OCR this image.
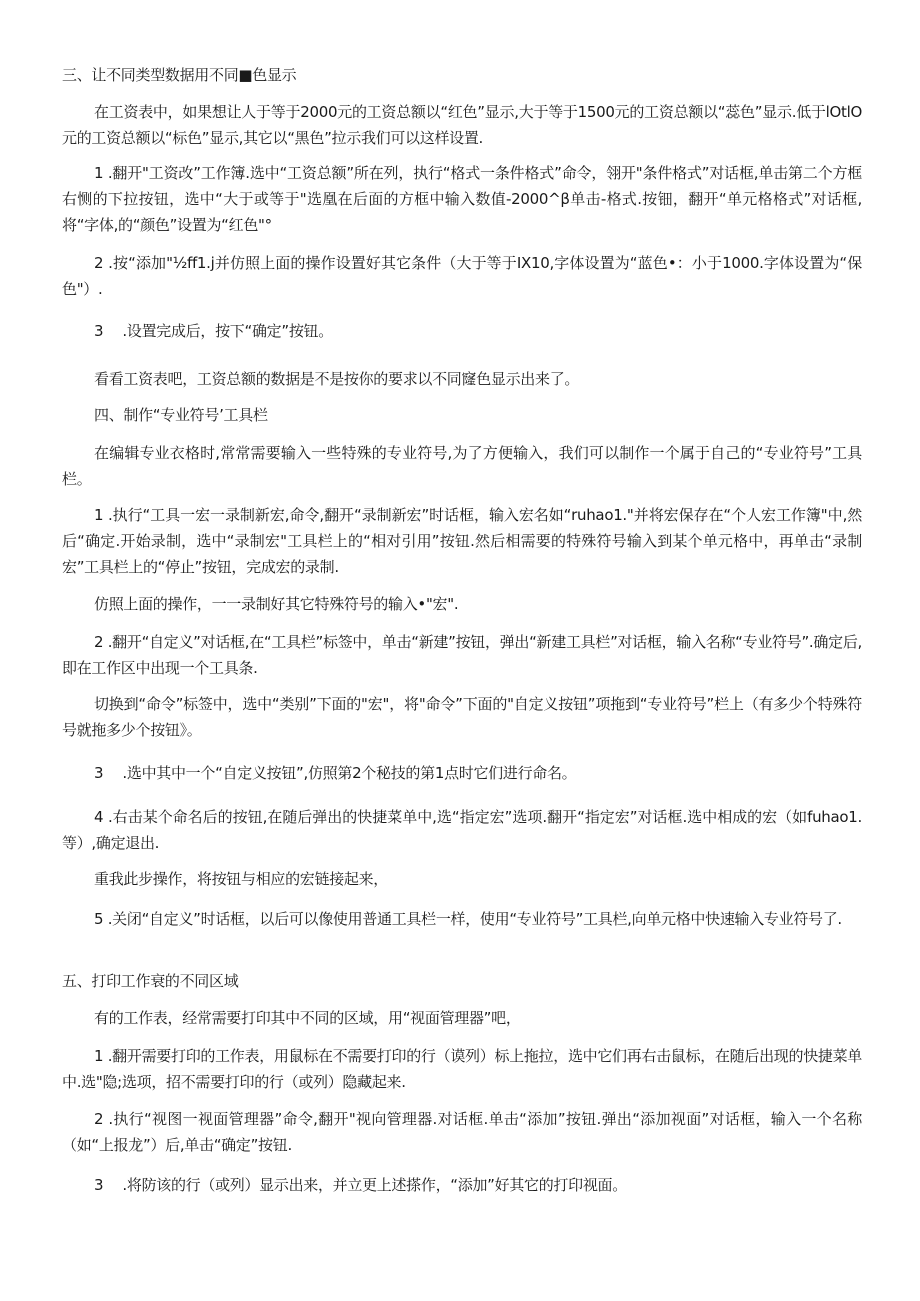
三、让不同类型数据用不同■色显示

在工资表中，如果想让人于等于2000元的工资总额以“红色”显示,大于等于1500元的工资总额以“蕊色”显示.低于lOtlO元的工资总额以“标色”显示,其它以“黑色”拉示我们可以这样设置.

1 .翻开"工资改”工作簿.选中“工资总额”所在列，执行“格式一条件格式”命令，翎开"条件格式”对话框,单击第二个方框右恻的下拉按钮，选中“大于或等于"选凰在后面的方框中输入数值-2000^β单击-格式.按钿，翻开“单元格格式”对话框,将“字体,的“颜色”设置为“红色"°

2 .按“添加"½ff1.j并仿照上面的操作设置好其它条件（大于等于IX10,字体设置为“蓝色•：小于1000.字体设置为“保色"）.

3 　.设置完成后，按下“确定”按钮。

看看工资表吧，工资总额的数据是不是按你的要求以不同窿色显示出来了。

四、制作“专业符号’工具栏

在编辑专业衣格时,常常需要输入一些特殊的专业符号,为了方便输入，我们可以制作一个属于自己的“专业符号”工具栏。

1 .执行“工具一宏一录制新宏,命令,翻开“录制新宏”时话框，输入宏名如“ruhao1."并将宏保存在“个人宏工作簿"中,然后“确定.开始录制，选中“录制宏"工具栏上的“相对引用”按钮.然后相需要的特殊符号输入到某个单元格中，再单击“录制宏”工具栏上的“停止”按钮，完成宏的录制.

仿照上面的操作，一一录制好其它特殊符号的输入•"宏".

2 .翻开“自定义”对话框,在“工具栏”标签中，单击“新建”按钮，弹出“新建工具栏”对话框，输入名称“专业符号”.确定后,即在工作区中出现一个工具条.

切换到“命令”标签中，选中“类别”下面的"宏"，将"命令”下面的"自定义按钮”项拖到“专业符号”栏上（有多少个特殊符号就拖多少个按钮》。

3 　.选中其中一个“自定义按钮”,仿照第2个秘技的第1点时它们进行命名。

4 .右击某个命名后的按钮,在随后弹出的快捷菜单中,选“指定宏”选项.翻开“指定宏”对话框.选中相成的宏（如fuhao1.等）,确定退出.

重我此步操作，将按钮与相应的宏链接起来，

5 .关闭“自定义”时话框，以后可以像使用普通工具栏一样，使用“专业符号”工具栏,向单元格中快速输入专业符号了.

五、打印工作衰的不同区域

有的工作表，经常需要打印其中不同的区域，用“视面管理器”吧，

1 .翻开需要打印的工作表，用鼠标在不需要打印的行（谟列）标上拖拉，选中它们再右击鼠标，在随后出现的快捷菜单中.选"隐;选项，招不需要打印的行（或列）隐藏起来.

2 .执行“视图一视面管理器”命令,翻开"视向管理器.对话框.单击“添加”按钮.弹出“添加视面”对话框，输入一个名称（如“上报龙”）后,单击“确定”按钮.

3 　.将防该的行（或列）显示出来，并立更上述搽作，“添加”好其它的打印视面。
